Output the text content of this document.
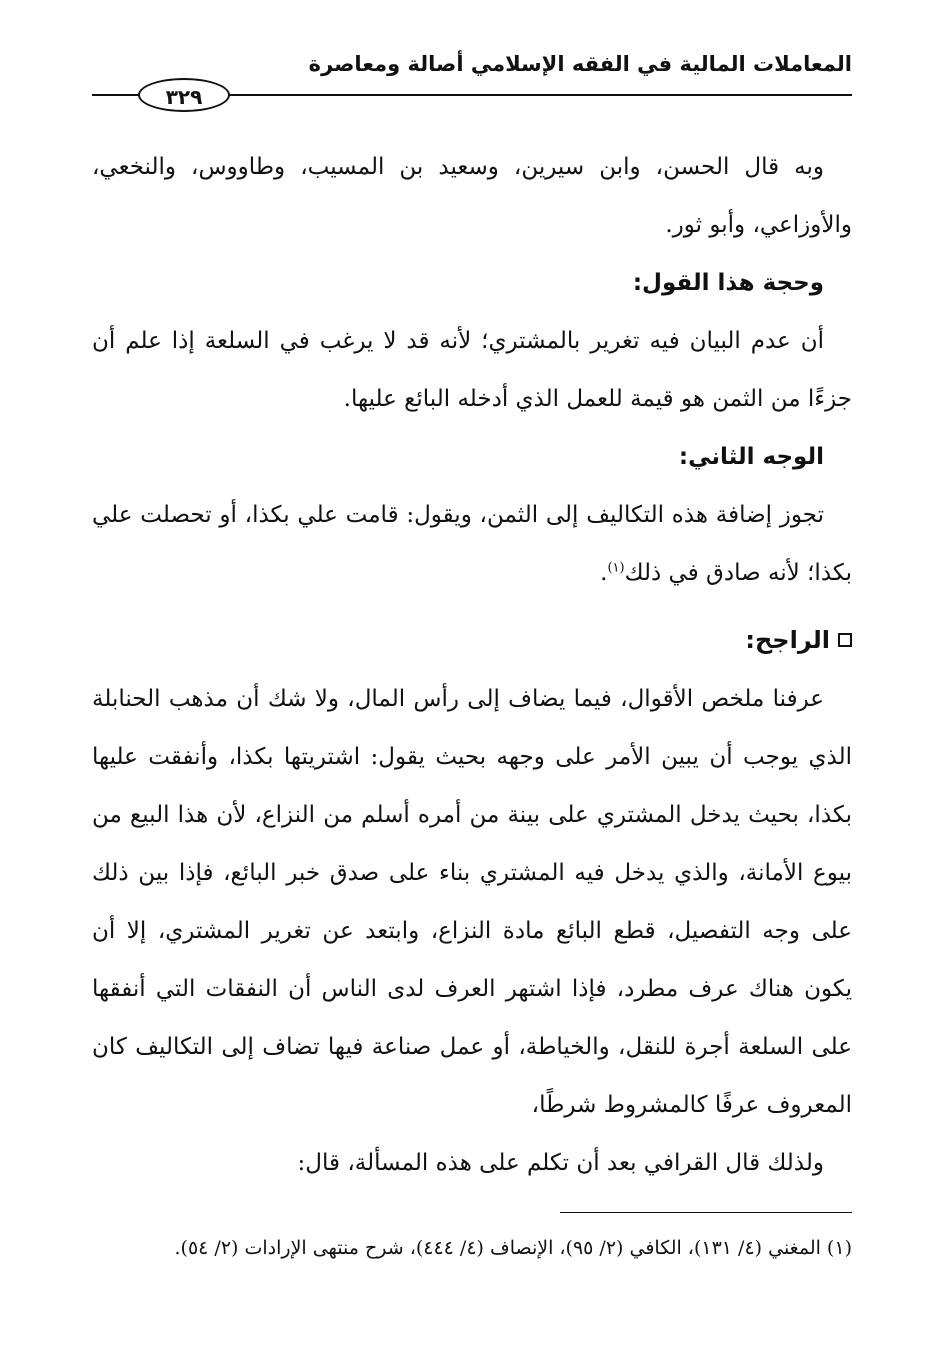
المعاملات المالية في الفقه الإسلامي أصالة ومعاصرة
٣٢٩

وبه قال الحسن، وابن سيرين، وسعيد بن المسيب، وطاووس، والنخعي، والأوزاعي، وأبو ثور.

وحجة هذا القول:

أن عدم البيان فيه تغرير بالمشتري؛ لأنه قد لا يرغب في السلعة إذا علم أن جزءًا من الثمن هو قيمة للعمل الذي أدخله البائع عليها.

الوجه الثاني:

تجوز إضافة هذه التكاليف إلى الثمن، ويقول: قامت علي بكذا، أو تحصلت علي بكذا؛ لأنه صادق في ذلك$^{(١)}$.

الراجح:

عرفنا ملخص الأقوال، فيما يضاف إلى رأس المال، ولا شك أن مذهب الحنابلة الذي يوجب أن يبين الأمر على وجهه بحيث يقول: اشتريتها بكذا، وأنفقت عليها بكذا، بحيث يدخل المشتري على بينة من أمره أسلم من النزاع، لأن هذا البيع من بيوع الأمانة، والذي يدخل فيه المشتري بناء على صدق خبر البائع، فإذا بين ذلك على وجه التفصيل، قطع البائع مادة النزاع، وابتعد عن تغرير المشتري، إلا أن يكون هناك عرف مطرد، فإذا اشتهر العرف لدى الناس أن النفقات التي أنفقها على السلعة أجرة للنقل، والخياطة، أو عمل صناعة فيها تضاف إلى التكاليف كان المعروف عرفًا كالمشروط شرطًا،

ولذلك قال القرافي بعد أن تكلم على هذه المسألة، قال:

(١) المغني (٤/ ١٣١)، الكافي (٢/ ٩٥)، الإنصاف (٤/ ٤٤٤)، شرح منتهى الإرادات (٢/ ٥٤).
